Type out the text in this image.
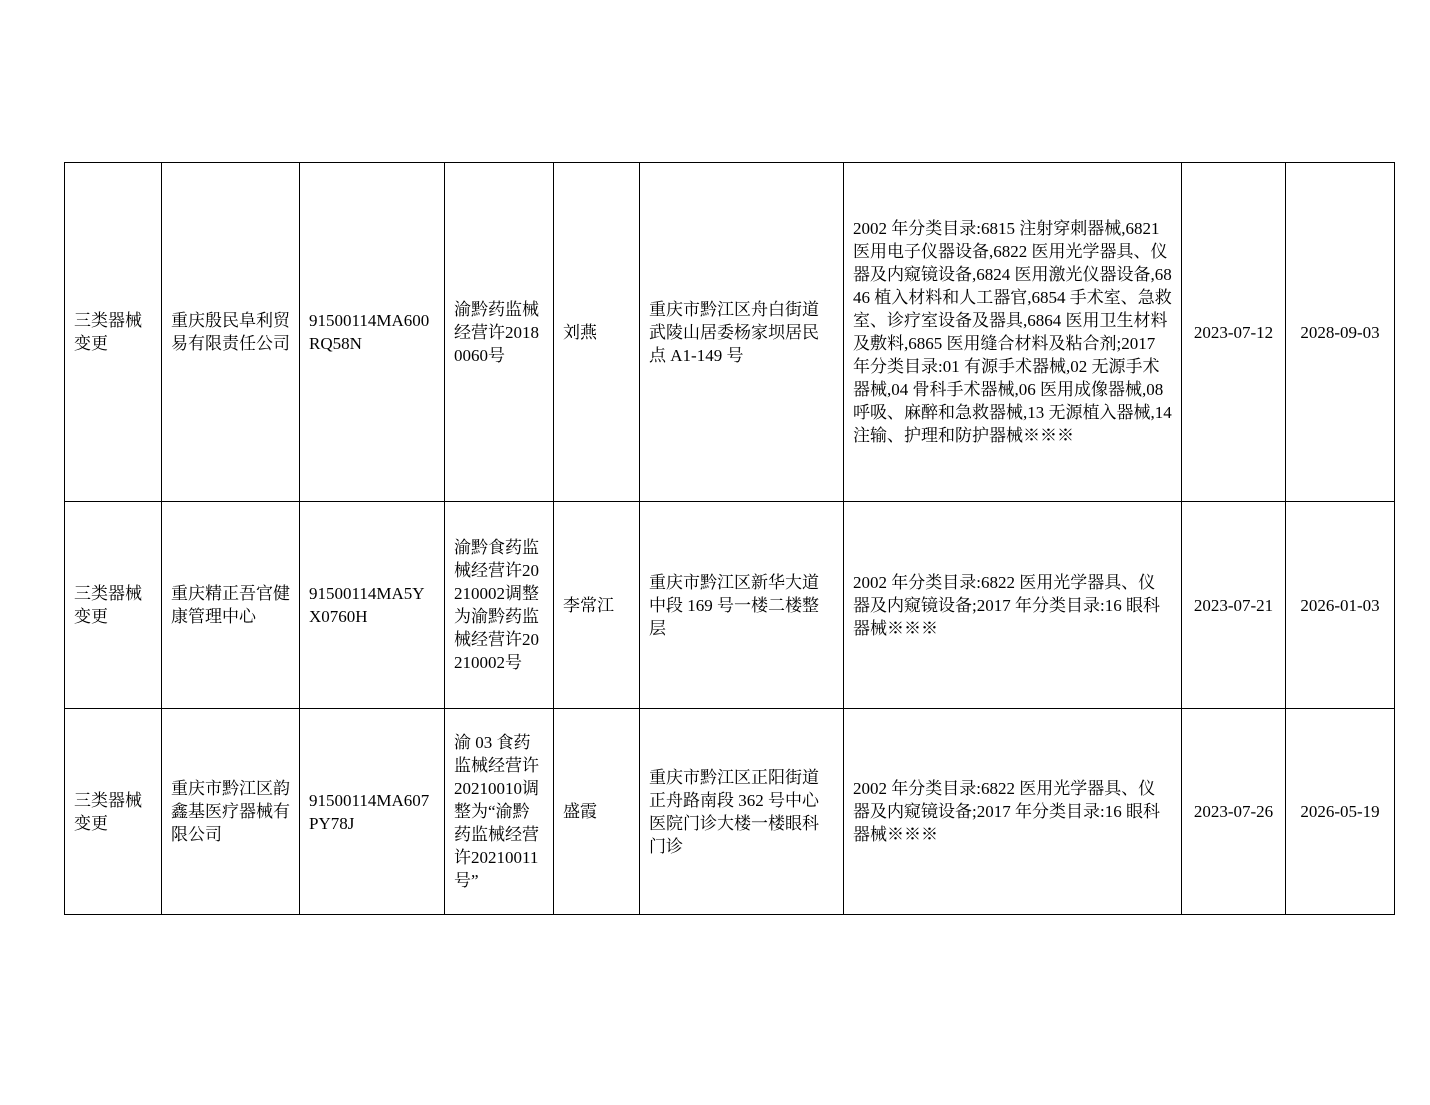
三类器械变更	重庆殷民阜利贸易有限责任公司	91500114MA600RQ58N	渝黔药监械经营许20180060号	刘燕	重庆市黔江区舟白街道武陵山居委杨家坝居民点 A1-149 号	2002 年分类目录:6815 注射穿刺器械,6821 医用电子仪器设备,6822 医用光学器具、仪器及内窥镜设备,6824 医用激光仪器设备,6846 植入材料和人工器官,6854 手术室、急救室、诊疗室设备及器具,6864 医用卫生材料及敷料,6865 医用缝合材料及粘合剂;2017 年分类目录:01 有源手术器械,02 无源手术器械,04 骨科手术器械,06 医用成像器械,08 呼吸、麻醉和急救器械,13 无源植入器械,14 注输、护理和防护器械※※※	2023-07-12	2028-09-03
三类器械变更	重庆精正吾官健康管理中心	91500114MA5YX0760H	渝黔食药监械经营许20210002调整为渝黔药监械经营许20210002号	李常江	重庆市黔江区新华大道中段 169 号一楼二楼整层	2002 年分类目录:6822 医用光学器具、仪器及内窥镜设备;2017 年分类目录:16 眼科器械※※※	2023-07-21	2026-01-03
三类器械变更	重庆市黔江区韵鑫基医疗器械有限公司	91500114MA607PY78J	渝 03 食药监械经营许20210010调整为“渝黔药监械经营许20210011号”	盛霞	重庆市黔江区正阳街道正舟路南段 362 号中心医院门诊大楼一楼眼科门诊	2002 年分类目录:6822 医用光学器具、仪器及内窥镜设备;2017 年分类目录:16 眼科器械※※※	2023-07-26	2026-05-19
